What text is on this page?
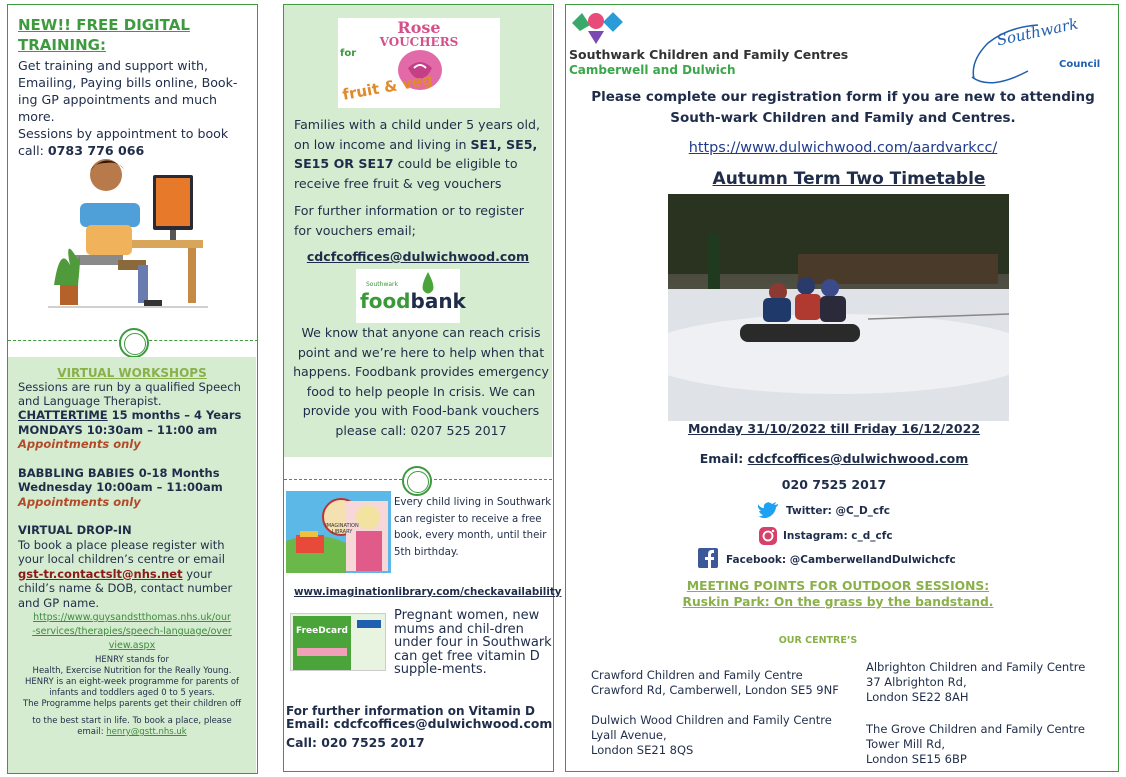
NEW!! FREE DIGITAL TRAINING:
Get training and support with, Emailing, Paying bills online, Book-ing GP appointments and much more.
Sessions by appointment to book call: 0783 776 066
VIRTUAL WORKSHOPS
Sessions are run by a qualified Speech and Language Therapist.
CHATTERTIME 15 months – 4 Years
MONDAYS 10:30am – 11:00 am
Appointments only
BABBLING BABIES 0-18 Months
Wednesday 10:00am – 11:00am
Appointments only
VIRTUAL DROP-IN
To book a place please register with your local children’s centre or email gst-tr.contactslt@nhs.net your child’s name & DOB, contact number and GP name.
https://www.guysandstthomas.nhs.uk/our-services/therapies/speech-language/overview.aspx
HENRY stands for
Health, Exercise Nutrition for the Really Young.
HENRY is an eight-week programme for parents of infants and toddlers aged 0 to 5 years.
The Programme helps parents get their children off
to the best start in life. To book a place, please email: henry@gstt.nhs.uk
Rose
VOUCHERS
for
fruit & veg
Families with a child under 5 years old, on low income and living in SE1, SE5, SE15 OR SE17 could be eligible to receive free fruit & veg vouchers
For further information or to register for vouchers email;
cdcfcoffices@dulwichwood.com
Southwark
foodbank
We know that anyone can reach crisis point and we’re here to help when that happens. Foodbank provides emergency food to help people In crisis. We can provide you with Food-bank vouchers please call: 0207 525 2017
IMAGINATION LIBRARY
Every child living in Southwark can register to receive a free book, every month, until their 5th birthday.
www.imaginationlibrary.com/checkavailability
FreeDcard
Pregnant women, new mums and chil-dren under four in Southwark can get free vitamin D supple-ments.
For further information on Vitamin D
Email: cdcfcoffices@dulwichwood.com
Call: 020 7525 2017
Southwark Children and Family Centres
Camberwell and Dulwich
Southwark
Council
Please complete our registration form if you are new to attending South-wark Children and Family and Centres.
https://www.dulwichwood.com/aardvarkcc/
Autumn Term Two Timetable
Monday 31/10/2022 till Friday 16/12/2022
Email: cdcfcoffices@dulwichwood.com
020 7525 2017
Twitter: @C_D_cfc
Instagram: c_d_cfc
Facebook: @CamberwellandDulwichcfc
MEETING POINTS FOR OUTDOOR SESSIONS:
Ruskin Park: On the grass by the bandstand.
OUR CENTRE’S
Crawford Children and Family Centre
Crawford Rd, Camberwell, London SE5 9NF
Albrighton Children and Family Centre
37 Albrighton Rd,
London SE22 8AH
Dulwich Wood Children and Family Centre
Lyall Avenue,
London SE21 8QS
The Grove Children and Family Centre
Tower Mill Rd,
London SE15 6BP
